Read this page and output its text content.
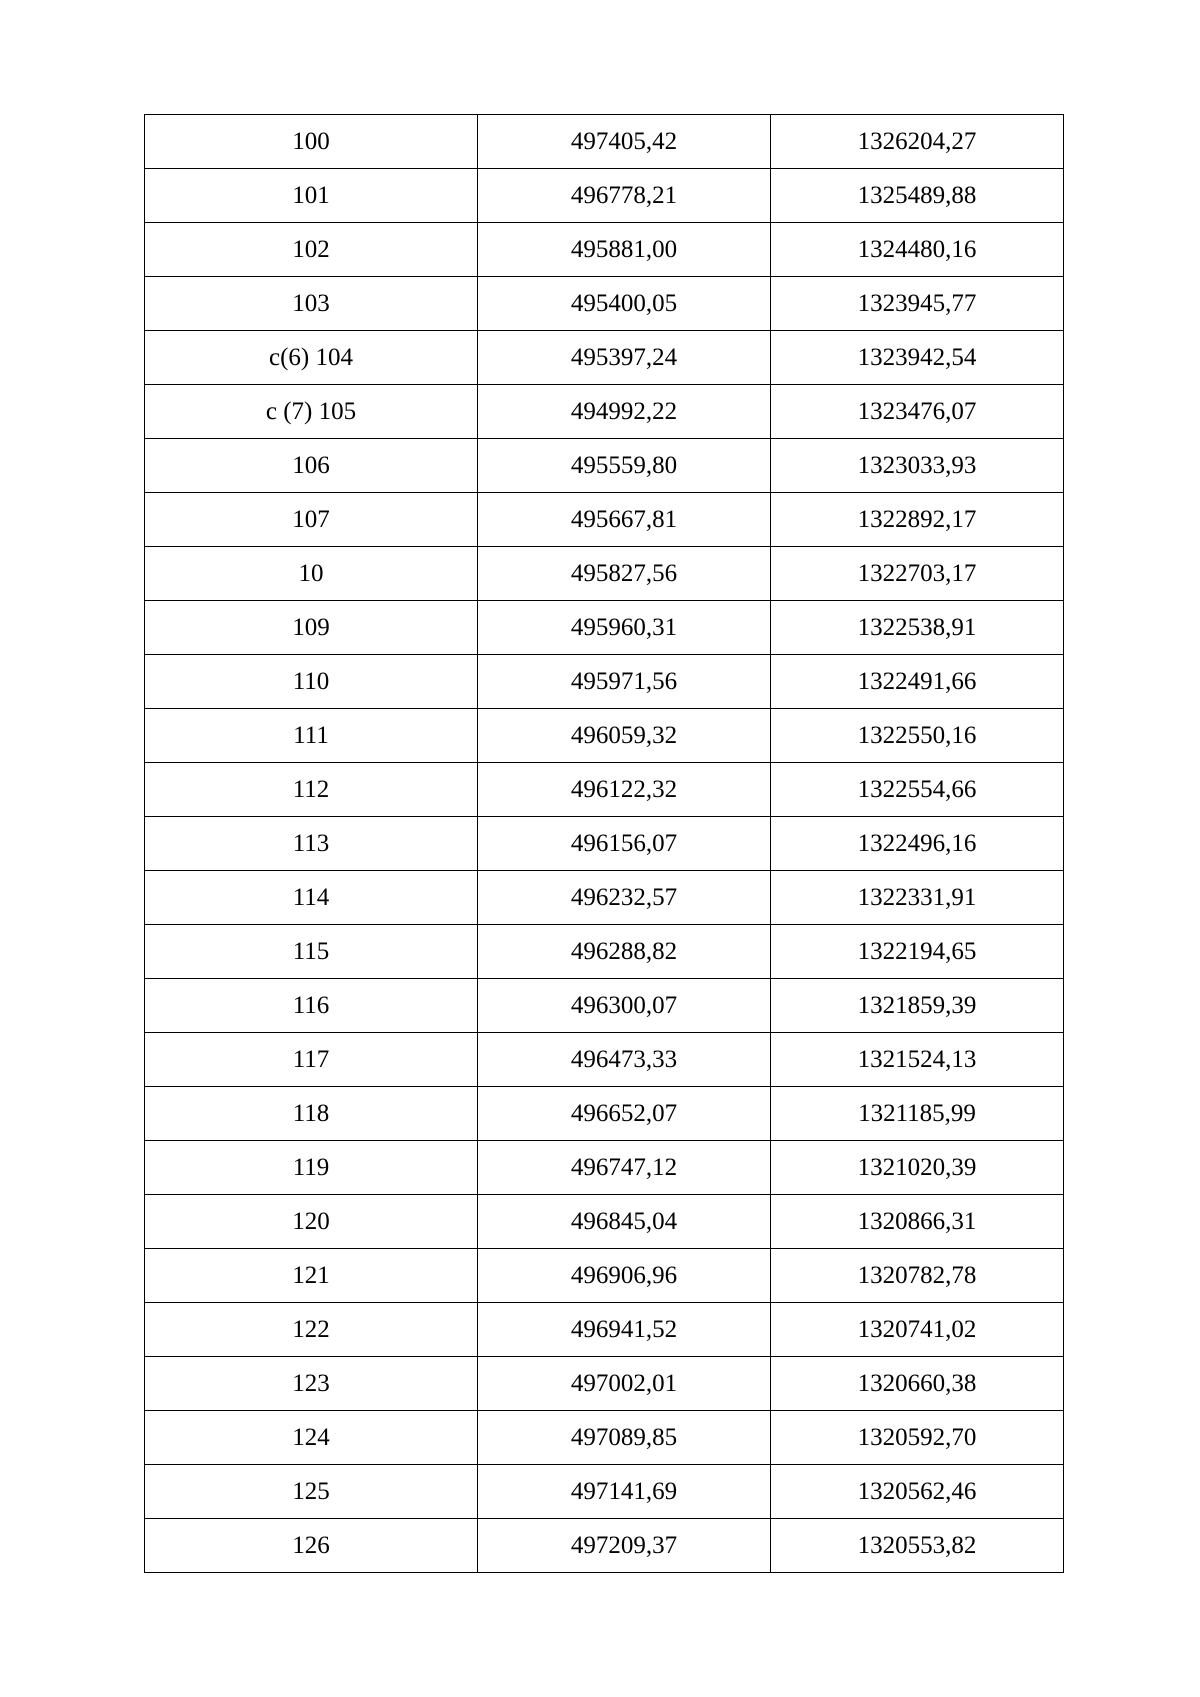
100	497405,42	1326204,27
101	496778,21	1325489,88
102	495881,00	1324480,16
103	495400,05	1323945,77
с(6) 104	495397,24	1323942,54
с (7) 105	494992,22	1323476,07
106	495559,80	1323033,93
107	495667,81	1322892,17
10	495827,56	1322703,17
109	495960,31	1322538,91
110	495971,56	1322491,66
111	496059,32	1322550,16
112	496122,32	1322554,66
113	496156,07	1322496,16
114	496232,57	1322331,91
115	496288,82	1322194,65
116	496300,07	1321859,39
117	496473,33	1321524,13
118	496652,07	1321185,99
119	496747,12	1321020,39
120	496845,04	1320866,31
121	496906,96	1320782,78
122	496941,52	1320741,02
123	497002,01	1320660,38
124	497089,85	1320592,70
125	497141,69	1320562,46
126	497209,37	1320553,82
